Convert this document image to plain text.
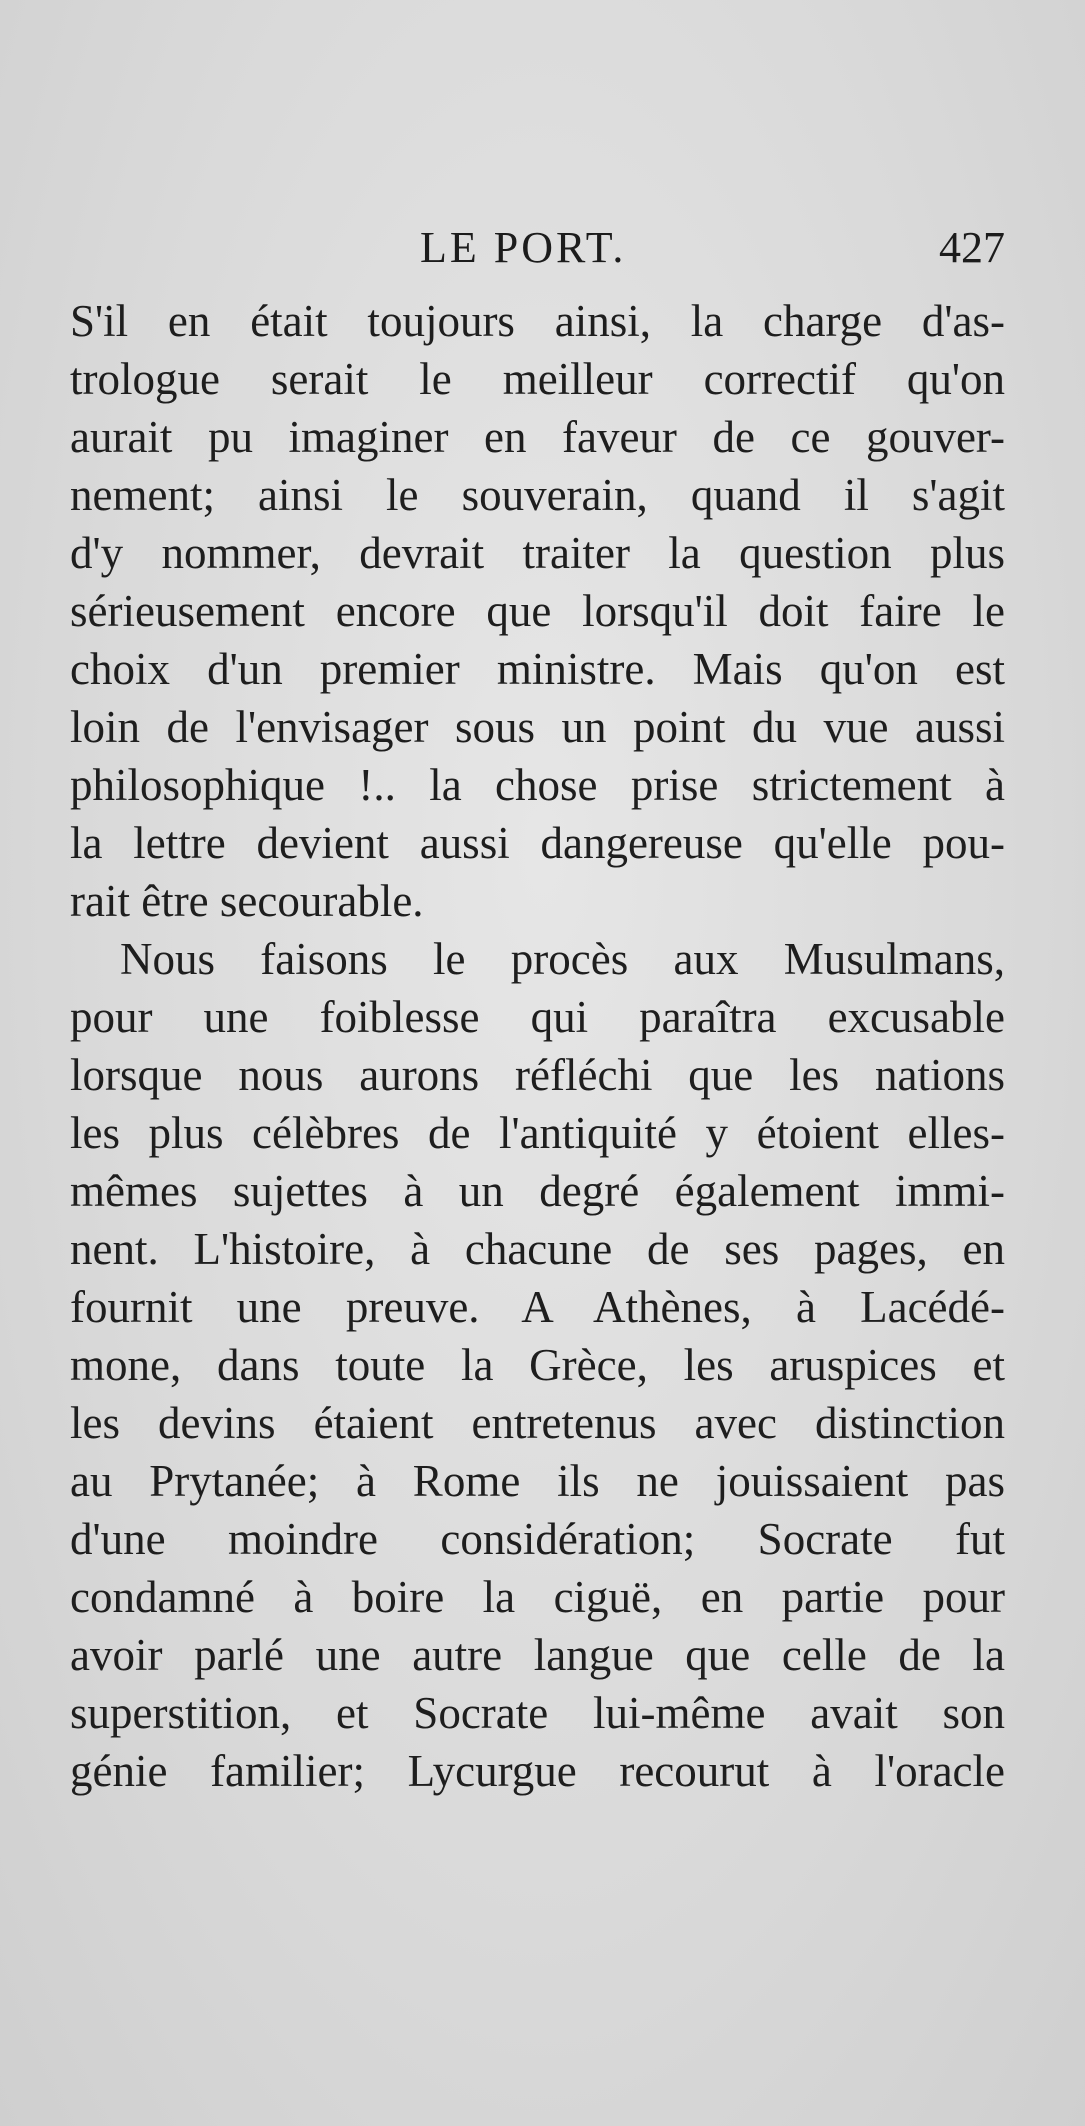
LE PORT.	427
S'il en était toujours ainsi, la charge d'as-
trologue serait le meilleur correctif qu'on
aurait pu imaginer en faveur de ce gouver-
nement; ainsi le souverain, quand il s'agit
d'y nommer, devrait traiter la question plus
sérieusement encore que lorsqu'il doit faire le
choix d'un premier ministre. Mais qu'on est
loin de l'envisager sous un point du vue aussi
philosophique !.. la chose prise strictement à
la lettre devient aussi dangereuse qu'elle pou-
rait être secourable.
Nous faisons le procès aux Musulmans,
pour une foiblesse qui paraîtra excusable
lorsque nous aurons réfléchi que les nations
les plus célèbres de l'antiquité y étoient elles-
mêmes sujettes à un degré également immi-
nent. L'histoire, à chacune de ses pages, en
fournit une preuve. A Athènes, à Lacédé-
mone, dans toute la Grèce, les aruspices et
les devins étaient entretenus avec distinction
au Prytanée; à Rome ils ne jouissaient pas
d'une moindre considération; Socrate fut
condamné à boire la ciguë, en partie pour
avoir parlé une autre langue que celle de la
superstition, et Socrate lui-même avait son
génie familier; Lycurgue recourut à l'oracle
